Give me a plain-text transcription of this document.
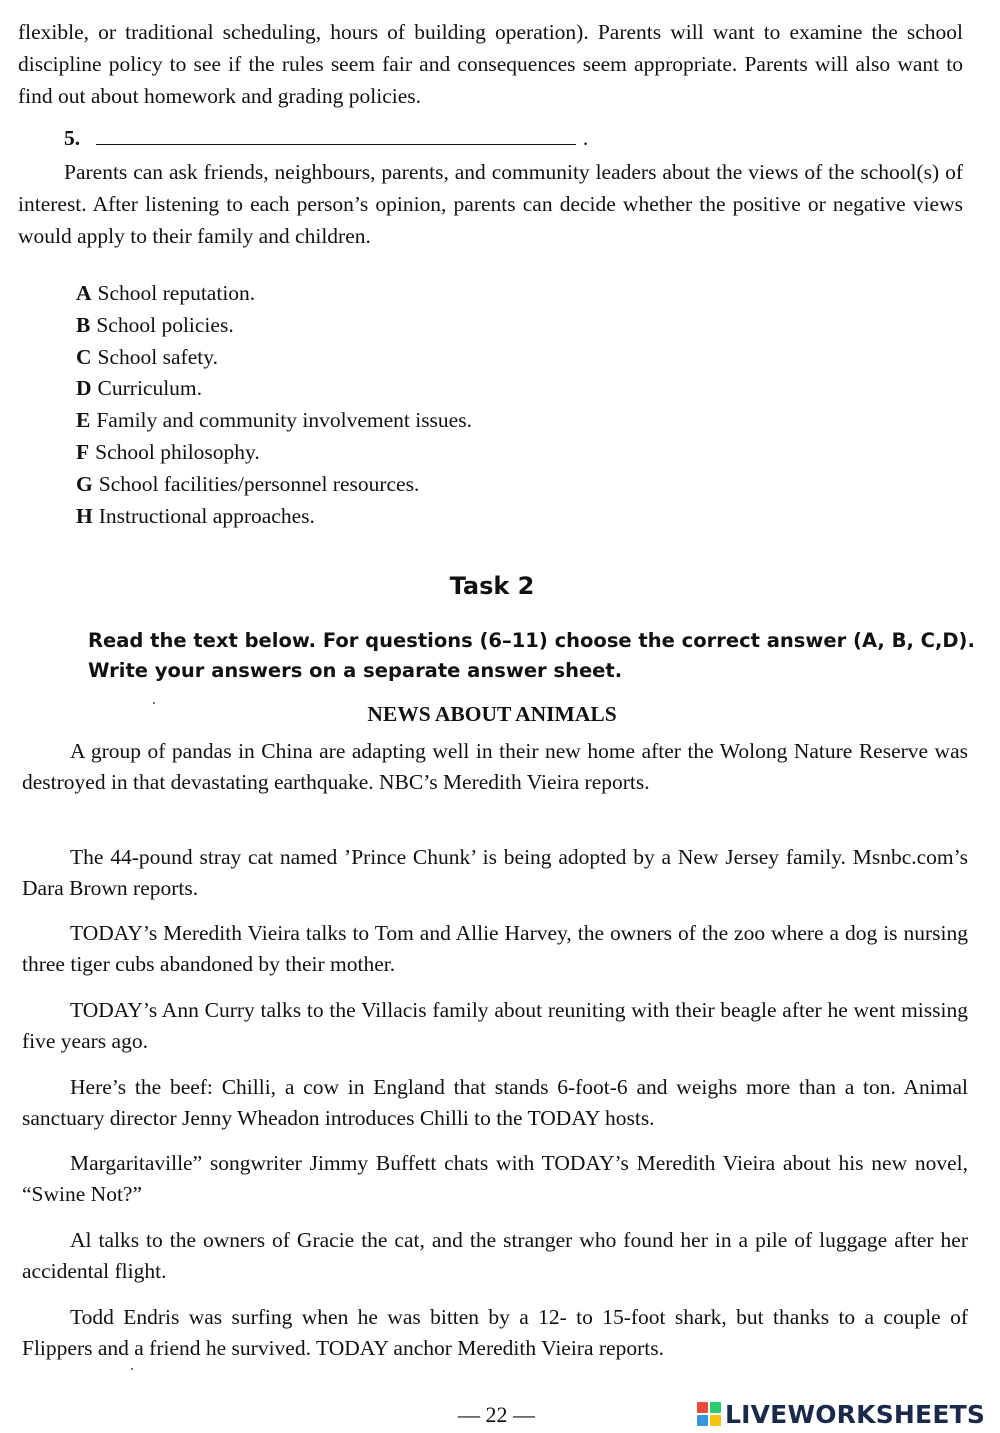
flexible, or traditional scheduling, hours of building operation). Parents will want to examine the school discipline policy to see if the rules seem fair and consequences seem appropriate. Parents will also want to find out about homework and grading policies.

5.	.

Parents can ask friends, neighbours, parents, and community leaders about the views of the school(s) of interest. After listening to each person’s opinion, parents can decide whether the positive or negative views would apply to their family and children.

A School reputation.
B School policies.
C School safety.
D Curriculum.
E Family and community involvement issues.
F School philosophy.
G School facilities/personnel resources.
H Instructional approaches.
Task 2
Read the text below. For questions (6–11) choose the correct answer (A, B, C,D).
Write your answers on a separate answer sheet.
NEWS ABOUT ANIMALS

A group of pandas in China are adapting well in their new home after the Wolong Nature Reserve was destroyed in that devastating earthquake. NBC’s Meredith Vieira reports.

The 44-pound stray cat named ’Prince Chunk’ is being adopted by a New Jersey family. Msnbc.com’s Dara Brown reports.

TODAY’s Meredith Vieira talks to Tom and Allie Harvey, the owners of the zoo where a dog is nursing three tiger cubs abandoned by their mother.

TODAY’s Ann Curry talks to the Villacis family about reuniting with their beagle after he went missing five years ago.

Here’s the beef: Chilli, a cow in England that stands 6-foot-6 and weighs more than a ton. Animal sanctuary director Jenny Wheadon introduces Chilli to the TODAY hosts.

Margaritaville” songwriter Jimmy Buffett chats with TODAY’s Meredith Vieira about his new novel, “Swine Not?”

Al talks to the owners of Gracie the cat, and the stranger who found her in a pile of luggage after her accidental flight.

Todd Endris was surfing when he was bitten by a 12- to 15-foot shark, but thanks to a couple of Flippers and a friend he survived. TODAY anchor Meredith Vieira reports.

— 22 —	LIVEWORKSHEETS
